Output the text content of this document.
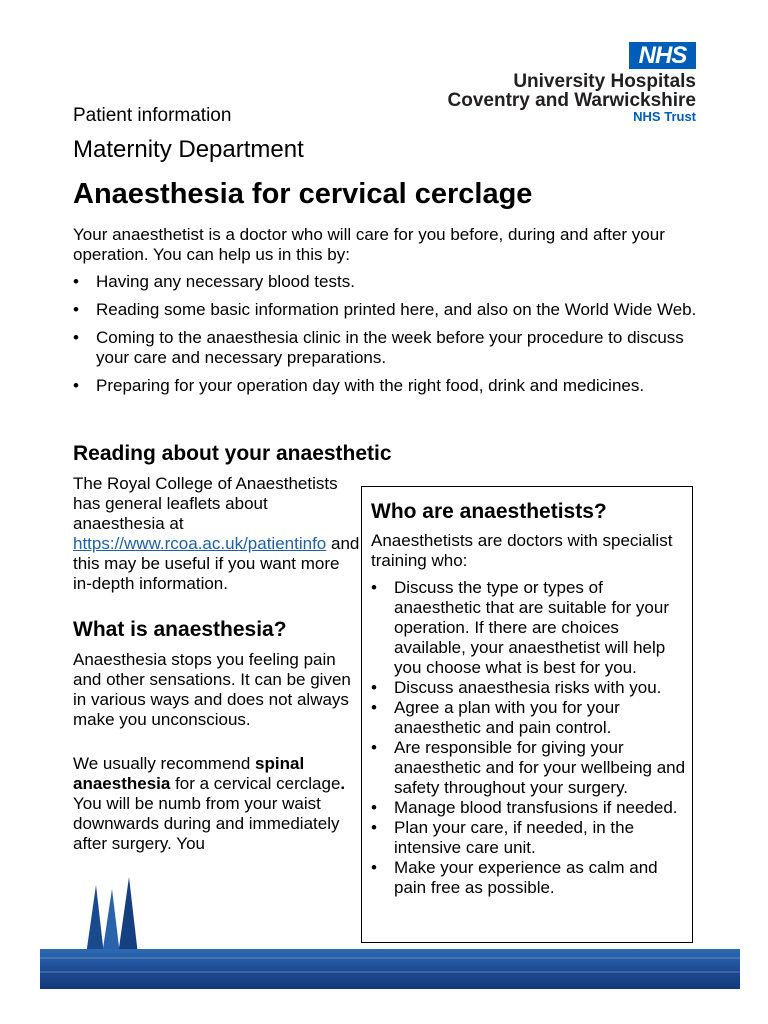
NHS
University Hospitals
Coventry and Warwickshire
NHS Trust
Patient information
Maternity Department
Anaesthesia for cervical cerclage
Your anaesthetist is a doctor who will care for you before, during and after your operation. You can help us in this by:
• Having any necessary blood tests.
• Reading some basic information printed here, and also on the World Wide Web.
• Coming to the anaesthesia clinic in the week before your procedure to discuss your care and necessary preparations.
• Preparing for your operation day with the right food, drink and medicines.
Reading about your anaesthetic
The Royal College of Anaesthetists has general leaflets about anaesthesia at https://www.rcoa.ac.uk/patientinfo and this may be useful if you want more in-depth information.
What is anaesthesia?
Anaesthesia stops you feeling pain and other sensations. It can be given in various ways and does not always make you unconscious.
We usually recommend spinal anaesthesia for a cervical cerclage. You will be numb from your waist downwards during and immediately after surgery. You
Who are anaesthetists?
Anaesthetists are doctors with specialist training who:
• Discuss the type or types of anaesthetic that are suitable for your operation. If there are choices available, your anaesthetist will help you choose what is best for you.
• Discuss anaesthesia risks with you.
• Agree a plan with you for your anaesthetic and pain control.
• Are responsible for giving your anaesthetic and for your wellbeing and safety throughout your surgery.
• Manage blood transfusions if needed.
• Plan your care, if needed, in the intensive care unit.
• Make your experience as calm and pain free as possible.
